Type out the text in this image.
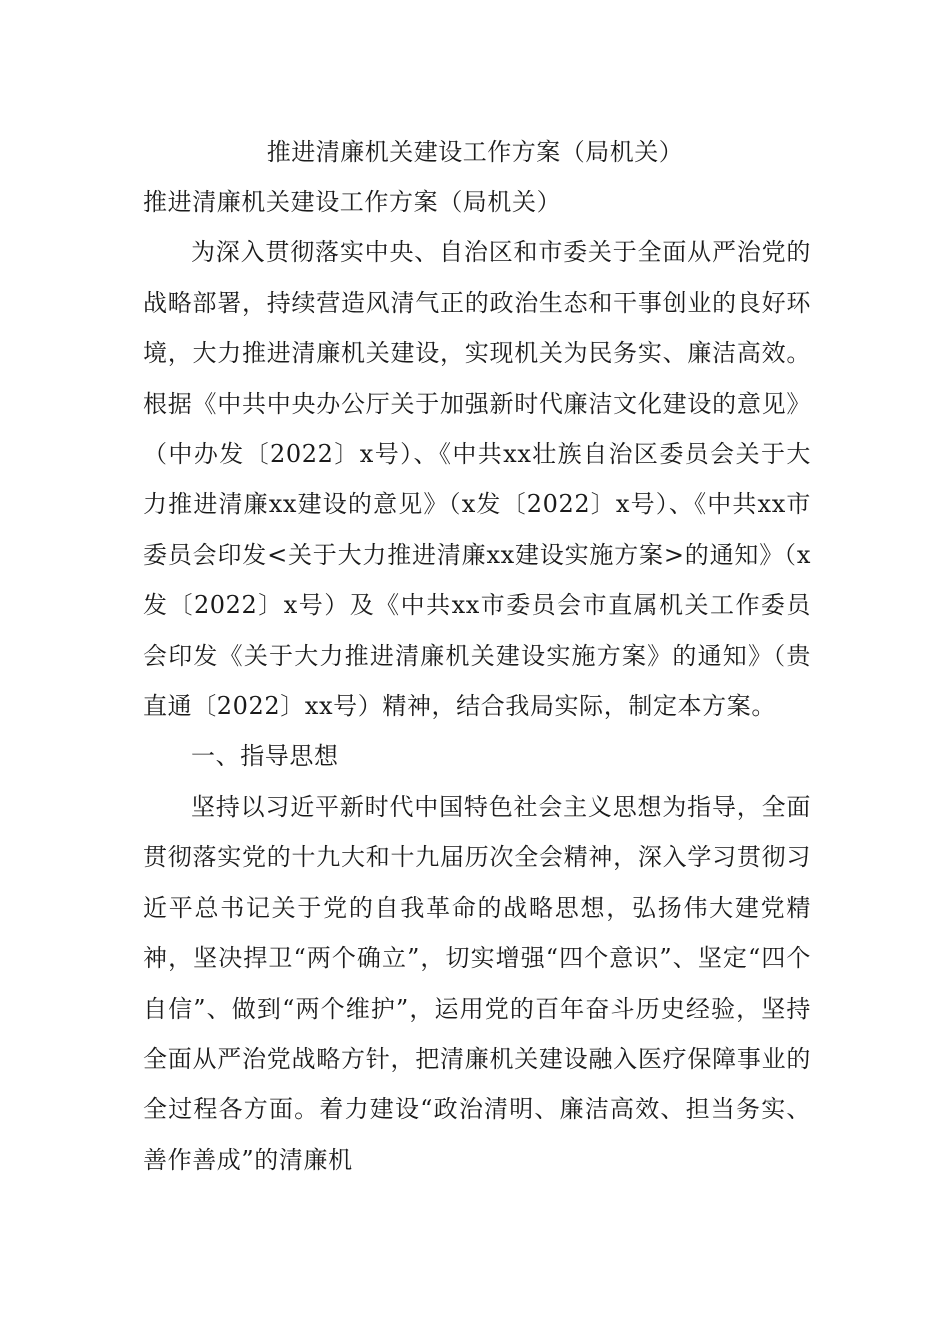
推进清廉机关建设工作方案（局机关）

推进清廉机关建设工作方案（局机关）

为深入贯彻落实中央、自治区和市委关于全面从严治党的战略部署，持续营造风清气正的政治生态和干事创业的良好环境，大力推进清廉机关建设，实现机关为民务实、廉洁高效。根据《中共中央办公厅关于加强新时代廉洁文化建设的意见》（中办发〔2022〕x号）、《中共xx壮族自治区委员会关于大力推进清廉xx建设的意见》（x发〔2022〕x号）、《中共xx市委员会印发<关于大力推进清廉xx建设实施方案>的通知》（x发〔2022〕x号）及《中共xx市委员会市直属机关工作委员会印发《关于大力推进清廉机关建设实施方案》的通知》（贵直通〔2022〕xx号）精神，结合我局实际，制定本方案。

一、指导思想

坚持以习近平新时代中国特色社会主义思想为指导，全面贯彻落实党的十九大和十九届历次全会精神，深入学习贯彻习近平总书记关于党的自我革命的战略思想，弘扬伟大建党精神，坚决捍卫“两个确立”，切实增强“四个意识”、坚定“四个自信”、做到“两个维护”，运用党的百年奋斗历史经验，坚持全面从严治党战略方针，把清廉机关建设融入医疗保障事业的全过程各方面。着力建设“政治清明、廉洁高效、担当务实、善作善成”的清廉机
